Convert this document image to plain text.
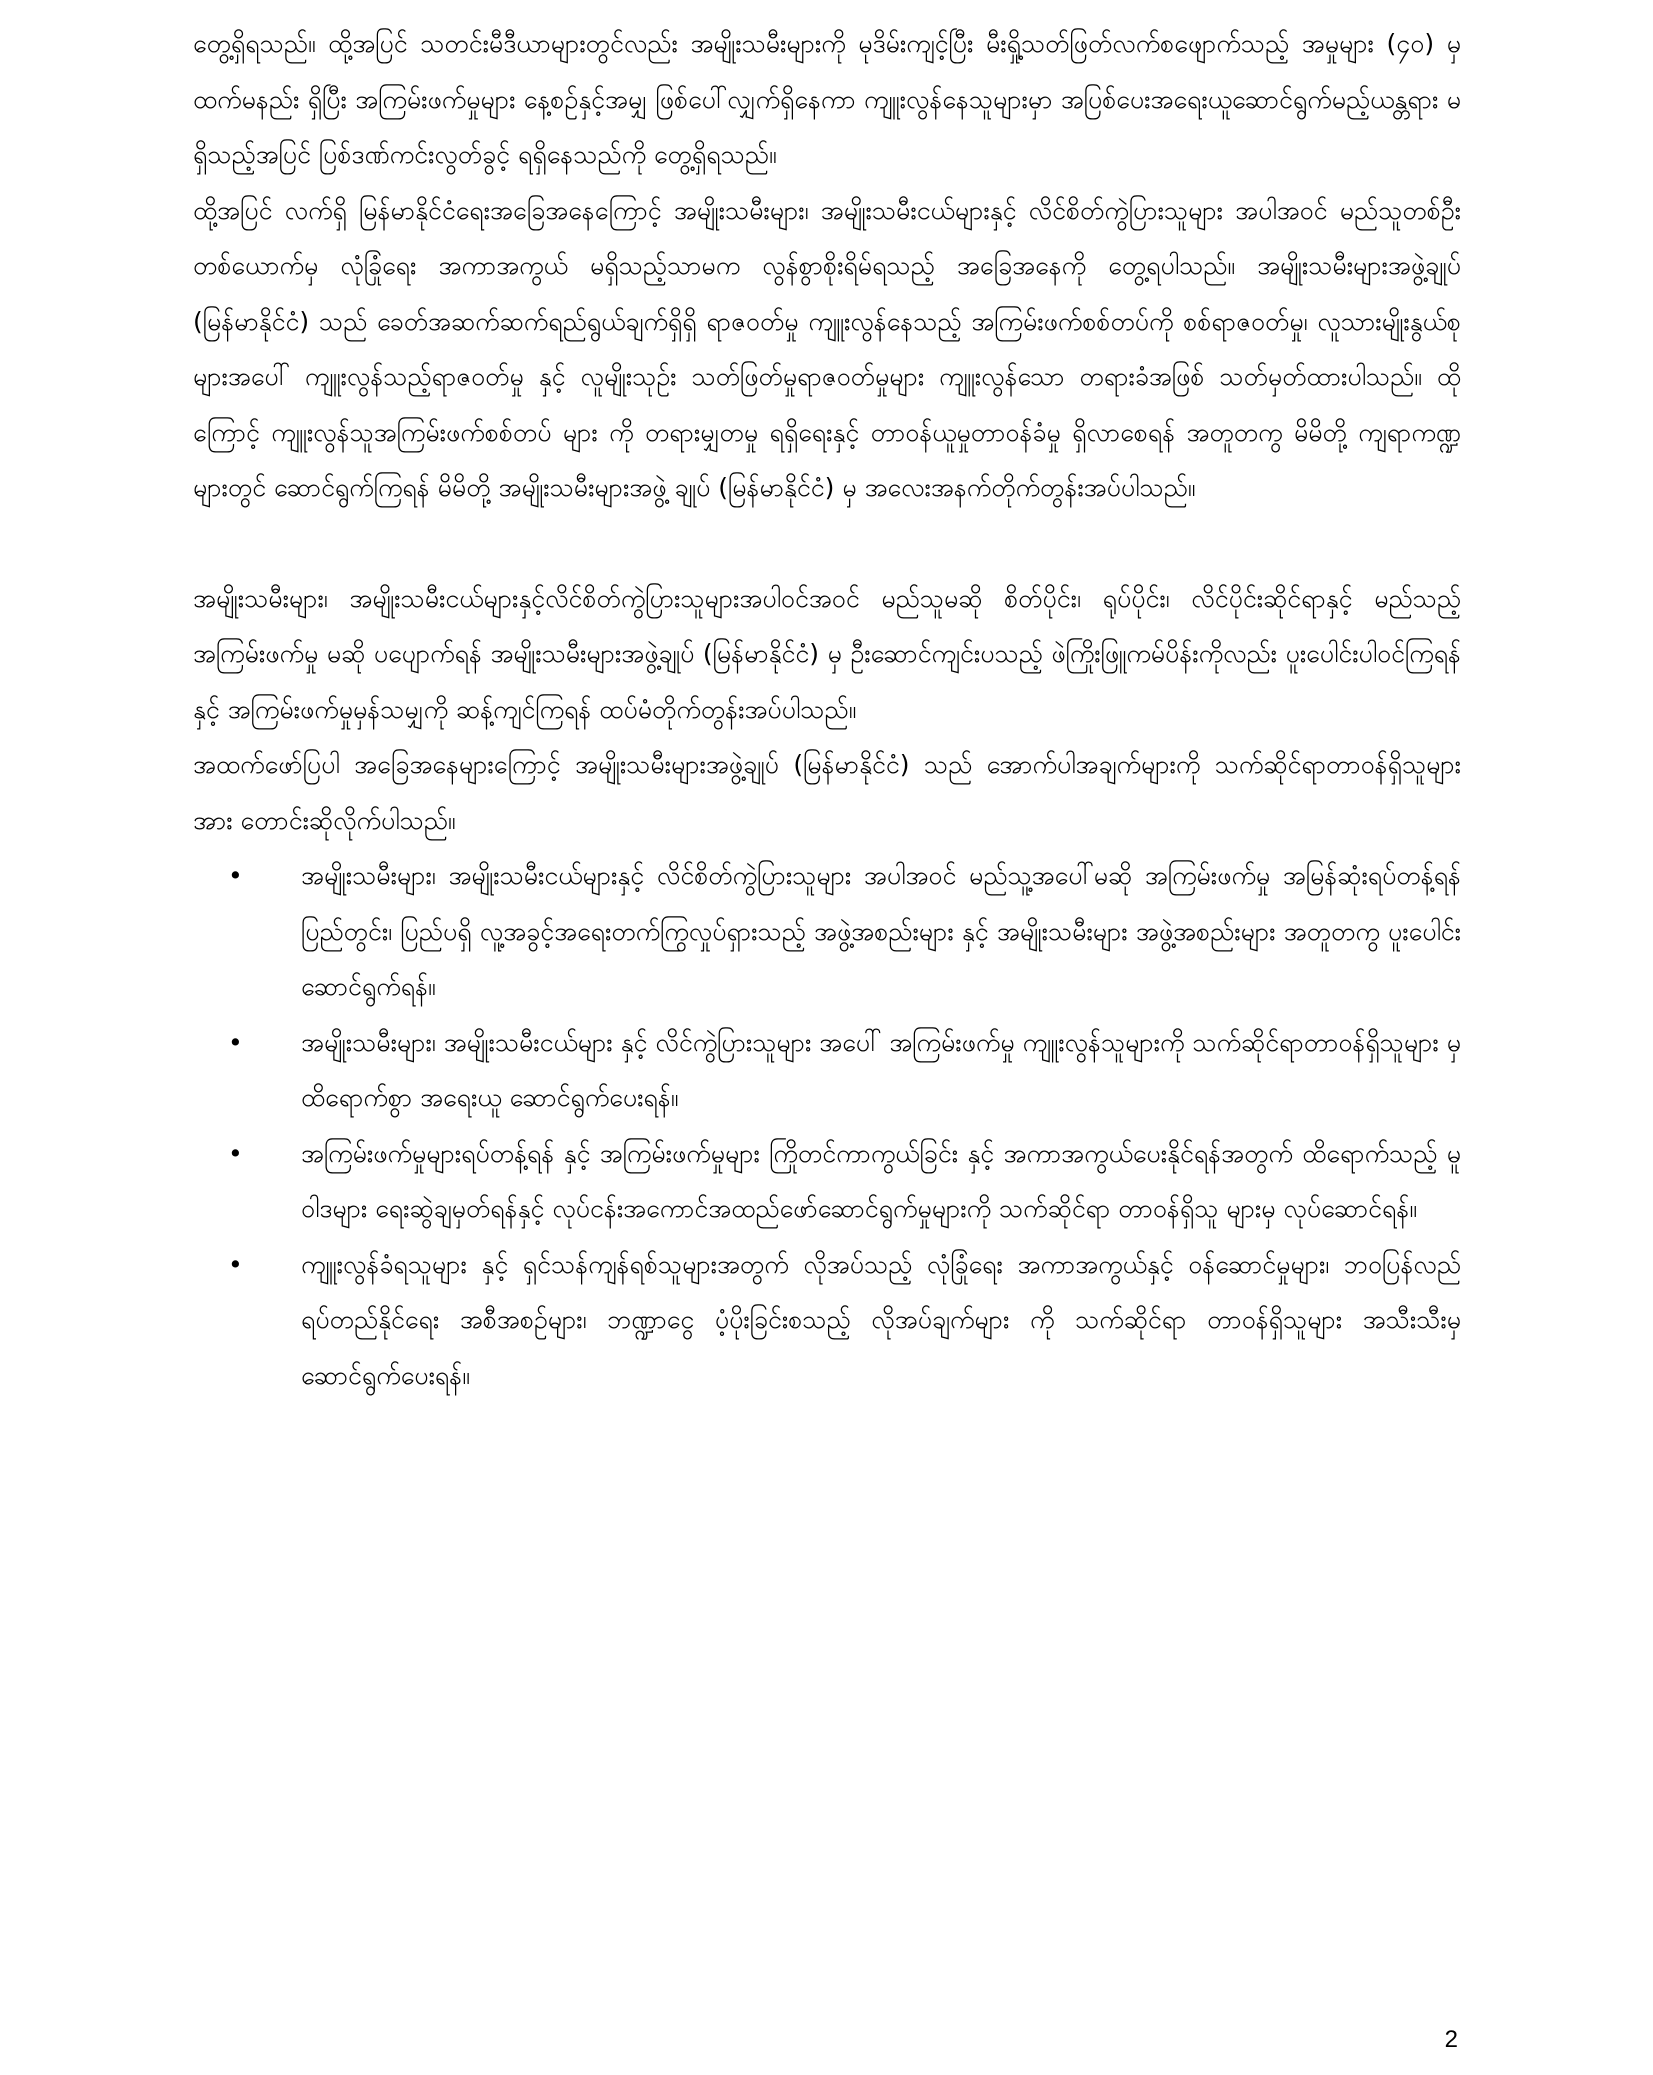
တွေ့ရှိရသည်။ ထို့အပြင် သတင်းမီဒီယာများတွင်လည်း အမျိုးသမီးများကို မုဒိမ်းကျင့်ပြီး မီးရှို့သတ်ဖြတ်လက်စဖျောက်သည့် အမှုများ (၄၀) မှ ထက်မနည်း ရှိပြီး အကြမ်းဖက်မှုများ နေ့စဉ်နှင့်အမျှ ဖြစ်ပေါ်လျှက်ရှိနေကာ ကျူးလွန်နေသူများမှာ အပြစ်ပေးအရေးယူဆောင်ရွက်မည့်ယန္တရား မရှိသည့်အပြင် ပြစ်ဒဏ်ကင်းလွတ်ခွင့် ရရှိနေသည်ကို တွေ့ရှိရသည်။

ထို့အပြင် လက်ရှိ မြန်မာနိုင်ငံရေးအခြေအနေကြောင့် အမျိုးသမီးများ၊ အမျိုးသမီးငယ်များနှင့် လိင်စိတ်ကွဲပြားသူများ အပါအဝင် မည်သူတစ်ဦးတစ်ယောက်မှ လုံခြုံရေး အကာအကွယ် မရှိသည့်သာမက လွန်စွာစိုးရိမ်ရသည့် အခြေအနေကို တွေ့ရပါသည်။ အမျိုးသမီးများအဖွဲ့ချုပ် (မြန်မာနိုင်ငံ) သည် ခေတ်အဆက်ဆက်ရည်ရွယ်ချက်ရှိရှိ ရာဇဝတ်မှု ကျူးလွန်နေသည့် အကြမ်းဖက်စစ်တပ်ကို စစ်ရာဇဝတ်မှု၊ လူသားမျိုးနွယ်စုများအပေါ် ကျူးလွန်သည့်ရာဇဝတ်မှု နှင့် လူမျိုးသုဉ်း သတ်ဖြတ်မှုရာဇဝတ်မှုများ ကျူးလွန်သော တရားခံအဖြစ် သတ်မှတ်ထားပါသည်။ ထိုကြောင့် ကျူးလွန်သူအကြမ်းဖက်စစ်တပ် များ ကို တရားမျှတမှု ရရှိရေးနှင့် တာဝန်ယူမှုတာဝန်ခံမှု ရှိလာစေရန် အတူတကွ မိမိတို့ ကျရာကဏ္ဍများတွင် ဆောင်ရွက်ကြရန် မိမိတို့ အမျိုးသမီးများအဖွဲ့ ချုပ် (မြန်မာနိုင်ငံ) မှ အလေးအနက်တိုက်တွန်းအပ်ပါသည်။

အမျိုးသမီးများ၊ အမျိုးသမီးငယ်များနှင့်လိင်စိတ်ကွဲပြားသူများအပါဝင်အဝင် မည်သူမဆို စိတ်ပိုင်း၊ ရုပ်ပိုင်း၊ လိင်ပိုင်းဆိုင်ရာနှင့် မည်သည့် အကြမ်းဖက်မှု မဆို ပပျောက်ရန် အမျိုးသမီးများအဖွဲ့ချုပ် (မြန်မာနိုင်ငံ) မှ ဦးဆောင်ကျင်းပသည့် ဖဲကြိုးဖြူကမ်ပိန်းကိုလည်း ပူးပေါင်းပါဝင်ကြရန်နှင့် အကြမ်းဖက်မှုမှန်သမျှကို ဆန့်ကျင်ကြရန် ထပ်မံတိုက်တွန်းအပ်ပါသည်။

အထက်ဖော်ပြပါ အခြေအနေများကြောင့် အမျိုးသမီးများအဖွဲ့ချုပ် (မြန်မာနိုင်ငံ) သည် အောက်ပါအချက်များကို သက်ဆိုင်ရာတာဝန်ရှိသူများအား တောင်းဆိုလိုက်ပါသည်။

• အမျိုးသမီးများ၊ အမျိုးသမီးငယ်များနှင့် လိင်စိတ်ကွဲပြားသူများ အပါအဝင် မည်သူ့အပေါ်မဆို အကြမ်းဖက်မှု အမြန်ဆုံးရပ်တန့်ရန် ပြည်တွင်း၊ ပြည်ပရှိ လူ့အခွင့်အရေးတက်ကြွလှုပ်ရှားသည့် အဖွဲ့အစည်းများ နှင့် အမျိုးသမီးများ အဖွဲ့အစည်းများ အတူတကွ ပူးပေါင်းဆောင်ရွက်ရန်။
• အမျိုးသမီးများ၊ အမျိုးသမီးငယ်များ နှင့် လိင်ကွဲပြားသူများ အပေါ် အကြမ်းဖက်မှု ကျူးလွန်သူများကို သက်ဆိုင်ရာတာဝန်ရှိသူများ မှ ထိရောက်စွာ အရေးယူ ဆောင်ရွက်ပေးရန်။
• အကြမ်းဖက်မှုများရပ်တန့်ရန် နှင့် အကြမ်းဖက်မှုများ ကြိုတင်ကာကွယ်ခြင်း နှင့် အကာအကွယ်ပေးနိုင်ရန်အတွက် ထိရောက်သည့် မူဝါဒများ ရေးဆွဲချမှတ်ရန်နှင့် လုပ်ငန်းအကောင်အထည်ဖော်ဆောင်ရွက်မှုများကို သက်ဆိုင်ရာ တာဝန်ရှိသူ များမှ လုပ်ဆောင်ရန်။
• ကျူးလွန်ခံရသူများ နှင့် ရှင်သန်ကျန်ရစ်သူများအတွက် လိုအပ်သည့် လုံခြုံရေး အကာအကွယ်နှင့် ဝန်ဆောင်မှုများ၊ ဘဝပြန်လည်ရပ်တည်နိုင်ရေး အစီအစဉ်များ၊ ဘဏ္ဍာငွေ ပံ့ပိုးခြင်းစသည့် လိုအပ်ချက်များ ကို သက်ဆိုင်ရာ တာဝန်ရှိသူများ အသီးသီးမှ ဆောင်ရွက်ပေးရန်။
2
